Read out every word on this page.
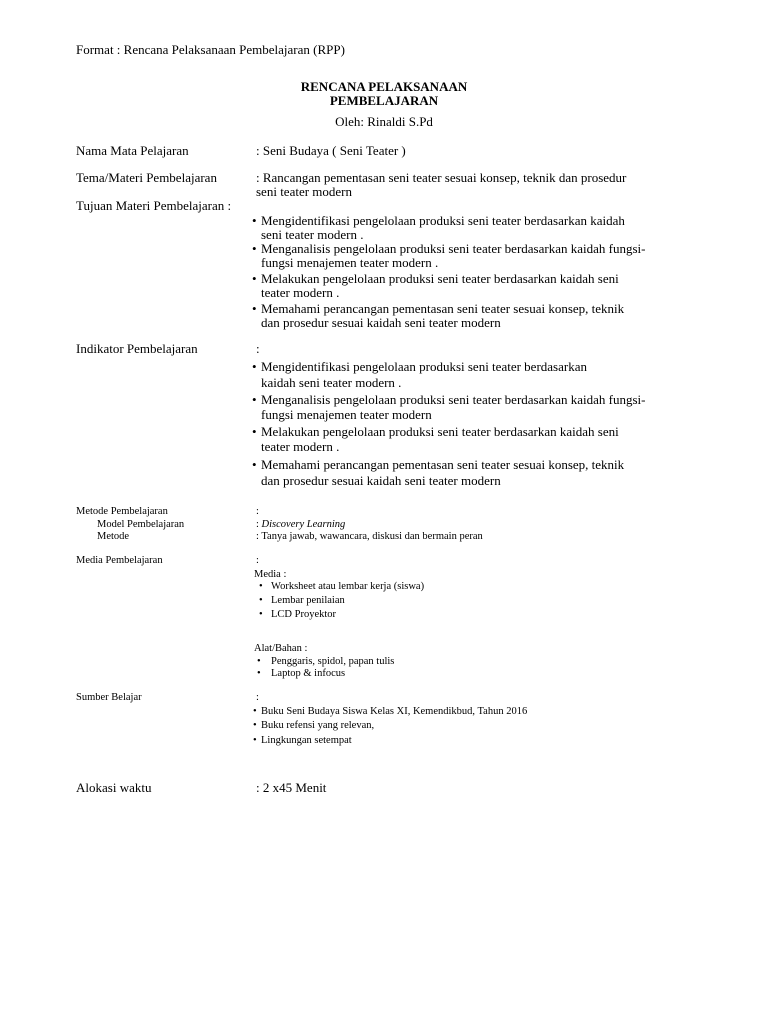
Format : Rencana Pelaksanaan Pembelajaran (RPP)
RENCANA PELAKSANAAN
PEMBELAJARAN
Oleh: Rinaldi S.Pd
Nama Mata Pelajaran	: Seni Budaya ( Seni Teater )
Tema/Materi Pembelajaran	: Rancangan pementasan seni teater sesuai konsep, teknik dan prosedur
seni teater modern
Tujuan Materi Pembelajaran :
• Mengidentifikasi pengelolaan produksi seni teater berdasarkan kaidah
seni teater modern .
• Menganalisis pengelolaan produksi seni teater berdasarkan kaidah fungsi-
fungsi menajemen teater modern .
• Melakukan pengelolaan produksi seni teater berdasarkan kaidah seni
teater modern .
• Memahami perancangan pementasan seni teater sesuai konsep, teknik
dan prosedur sesuai kaidah seni teater modern
Indikator Pembelajaran	:
• Mengidentifikasi pengelolaan produksi seni teater berdasarkan
kaidah seni teater modern .
• Menganalisis pengelolaan produksi seni teater berdasarkan kaidah fungsi-
fungsi menajemen teater modern
• Melakukan pengelolaan produksi seni teater berdasarkan kaidah seni
teater modern .
• Memahami perancangan pementasan seni teater sesuai konsep, teknik
dan prosedur sesuai kaidah seni teater modern
Metode Pembelajaran	:
Model Pembelajaran	: Discovery Learning
Metode	: Tanya jawab, wawancara, diskusi dan bermain peran
Media Pembelajaran	:
Media :
• Worksheet atau lembar kerja (siswa)
• Lembar penilaian
• LCD Proyektor
Alat/Bahan :
• Penggaris, spidol, papan tulis
• Laptop & infocus
Sumber Belajar	:
• Buku Seni Budaya Siswa Kelas XI, Kemendikbud, Tahun 2016
• Buku refensi yang relevan,
• Lingkungan setempat
Alokasi waktu	: 2 x45 Menit
